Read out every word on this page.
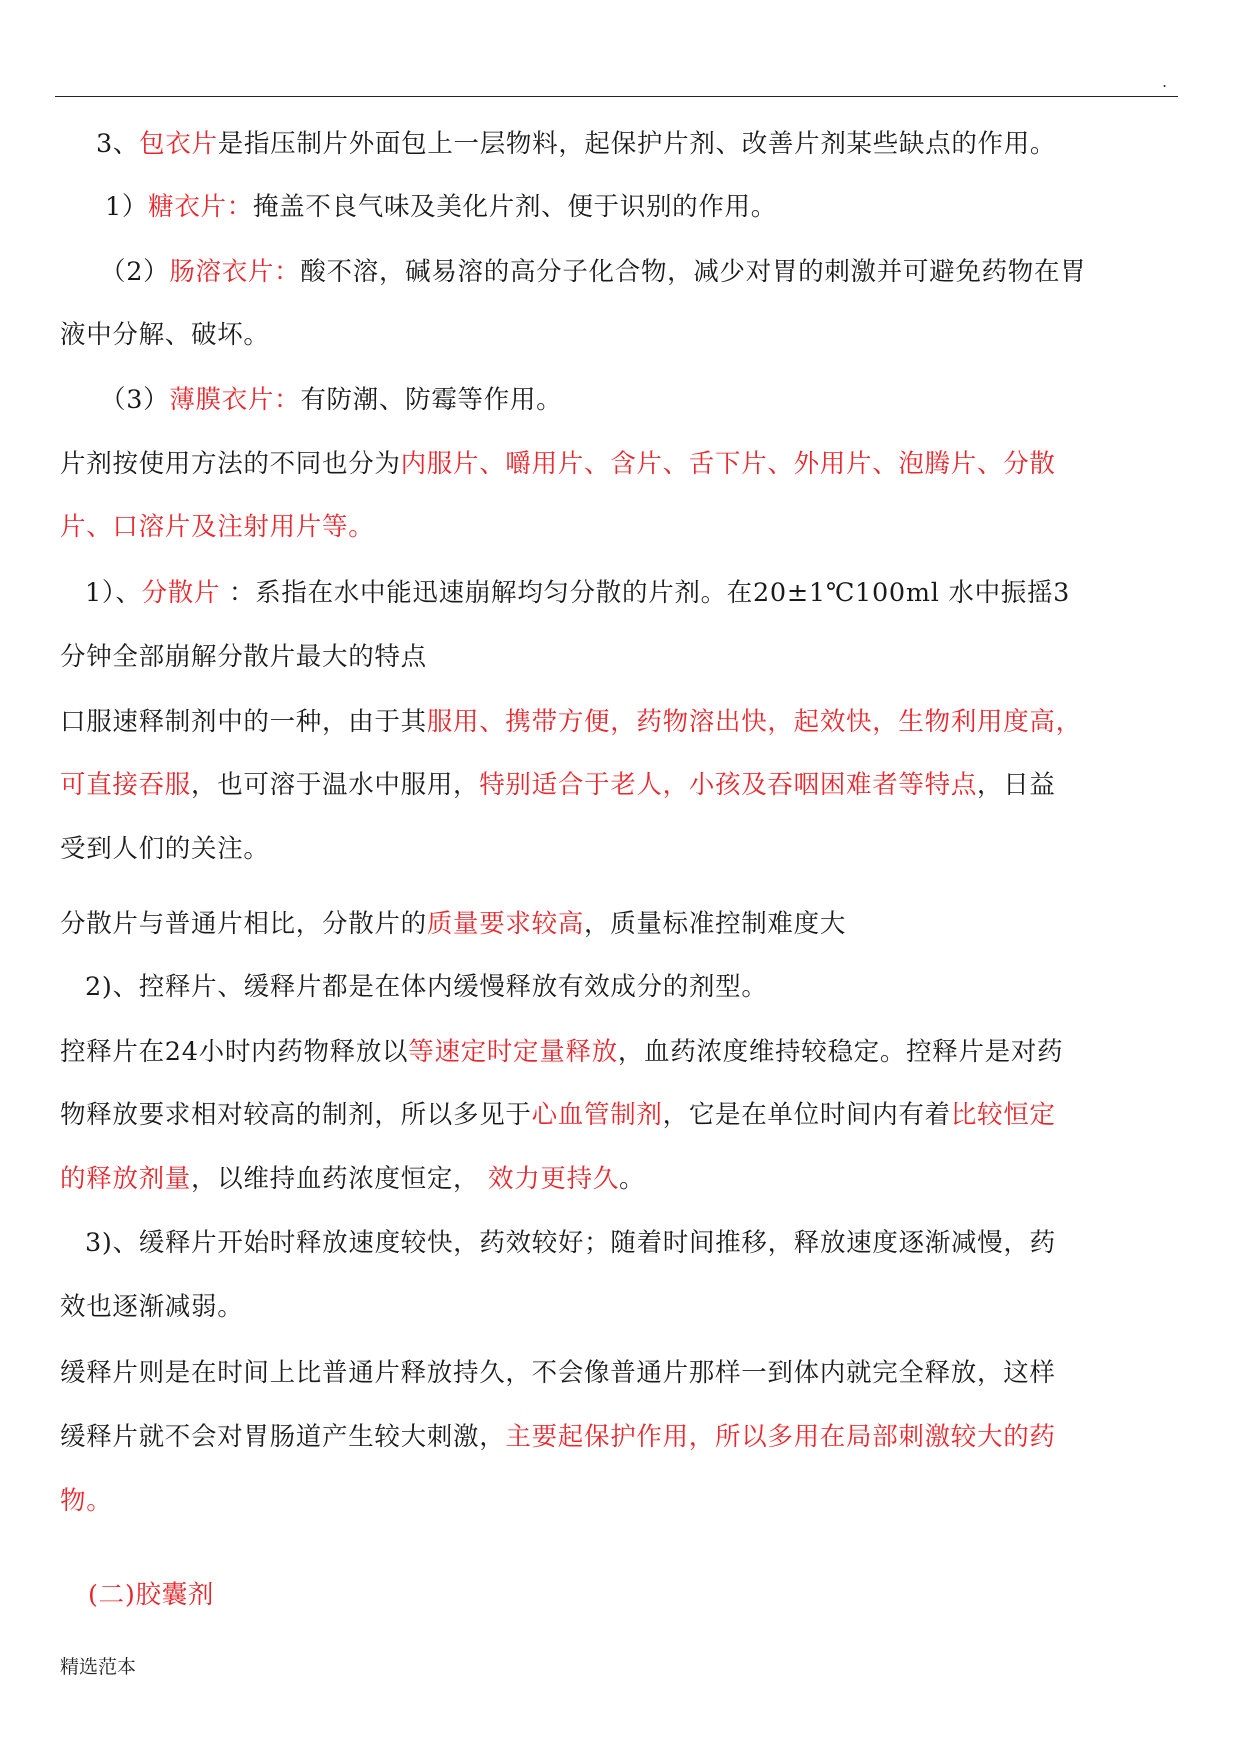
.
3、包衣片是指压制片外面包上一层物料，起保护片剂、改善片剂某些缺点的作用。
1）糖衣片：掩盖不良气味及美化片剂、便于识别的作用。
（2）肠溶衣片：酸不溶，碱易溶的高分子化合物，减少对胃的刺激并可避免药物在胃
液中分解、破坏。
（3）薄膜衣片：有防潮、防霉等作用。
片剂按使用方法的不同也分为内服片、嚼用片、含片、舌下片、外用片、泡腾片、分散
片、口溶片及注射用片等。
1）、分散片 ：系指在水中能迅速崩解均匀分散的片剂。在20±1℃100ml 水中振摇3
分钟全部崩解分散片最大的特点
口服速释制剂中的一种，由于其服用、携带方便，药物溶出快，起效快，生物利用度高，
可直接吞服，也可溶于温水中服用，特别适合于老人，小孩及吞咽困难者等特点，日益
受到人们的关注。
分散片与普通片相比，分散片的质量要求较高，质量标准控制难度大
2)、控释片、缓释片都是在体内缓慢释放有效成分的剂型。
控释片在24小时内药物释放以等速定时定量释放，血药浓度维持较稳定。控释片是对药
物释放要求相对较高的制剂，所以多见于心血管制剂，它是在单位时间内有着比较恒定
的释放剂量，以维持血药浓度恒定， 效力更持久。
3)、缓释片开始时释放速度较快，药效较好；随着时间推移，释放速度逐渐减慢，药
效也逐渐减弱。
缓释片则是在时间上比普通片释放持久，不会像普通片那样一到体内就完全释放，这样
缓释片就不会对胃肠道产生较大刺激，主要起保护作用，所以多用在局部刺激较大的药
物。
(二)胶囊剂
精选范本
